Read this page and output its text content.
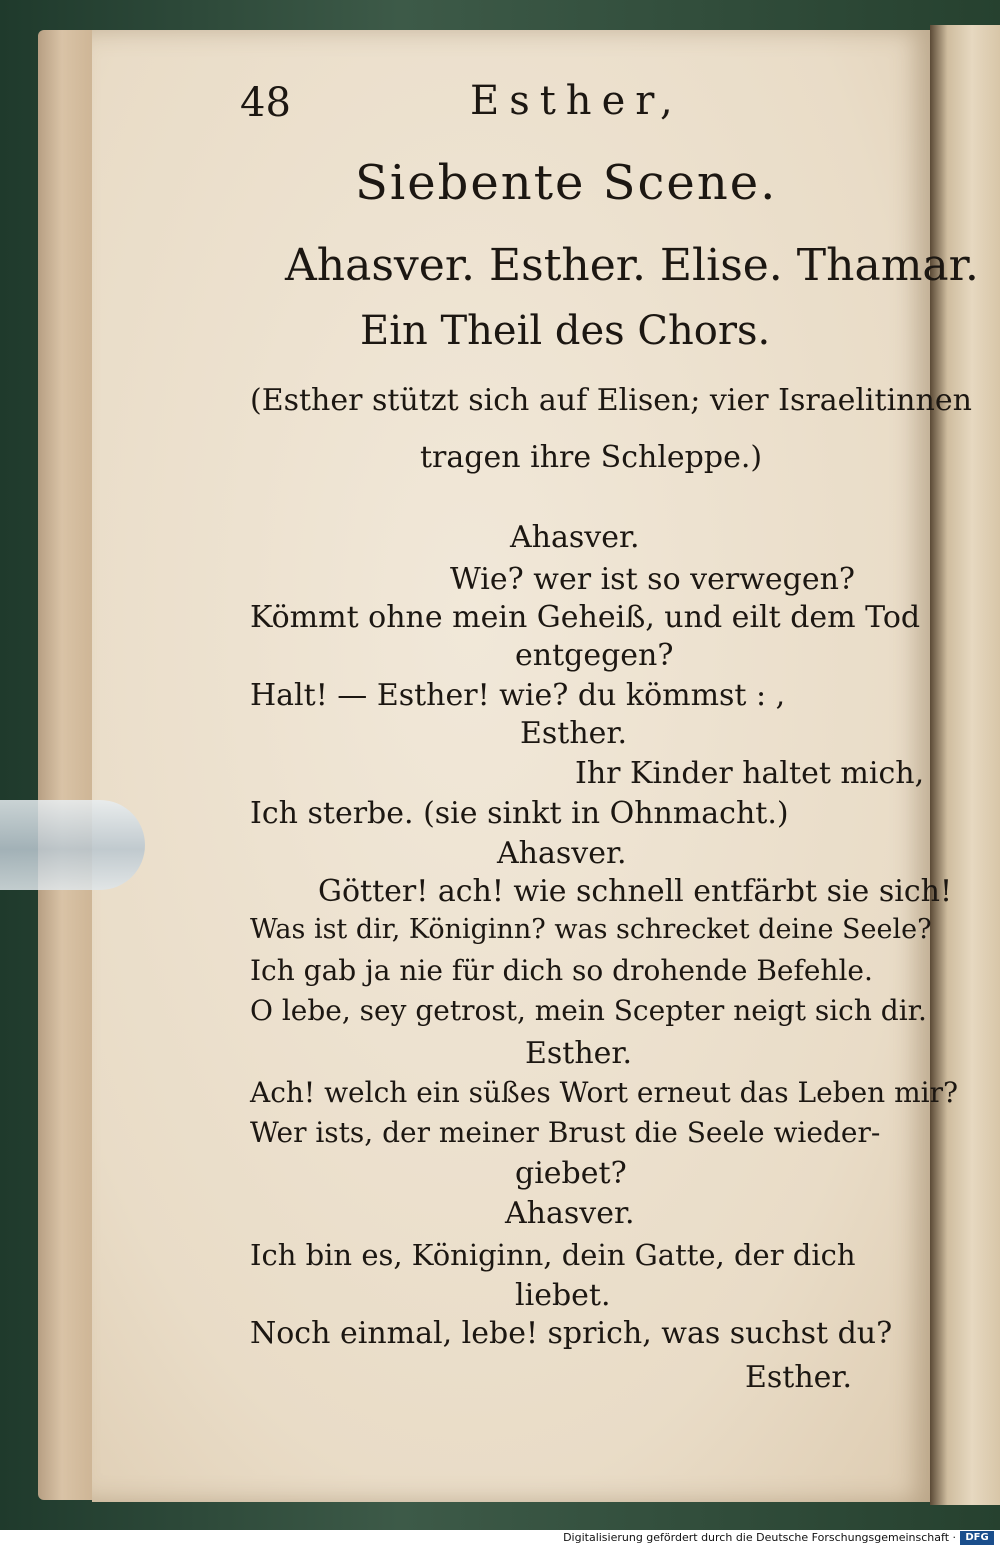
48	Esther,
Siebente Scene.
Ahasver. Esther. Elise. Thamar.
Ein Theil des Chors.
(Esther stützt sich auf Elisen; vier Israelitinnen
tragen ihre Schleppe.)
Ahasver.
Wie? wer ist so verwegen?
Kömmt ohne mein Geheiß, und eilt dem Tod
entgegen?
Halt! — Esther! wie? du kömmst : ,
Esther.
Ihr Kinder haltet mich,
Ich sterbe. (sie sinkt in Ohnmacht.)
Ahasver.
Götter! ach! wie schnell entfärbt sie sich!
Was ist dir, Königinn? was schrecket deine Seele?
Ich gab ja nie für dich so drohende Befehle.
O lebe, sey getrost, mein Scepter neigt sich dir.
Esther.
Ach! welch ein süßes Wort erneut das Leben mir?
Wer ists, der meiner Brust die Seele wieder-
giebet?
Ahasver.
Ich bin es, Königinn, dein Gatte, der dich
liebet.
Noch einmal, lebe! sprich, was suchst du?
Esther.
Digitalisierung gefördert durch die Deutsche Forschungsgemeinschaft · DFG
